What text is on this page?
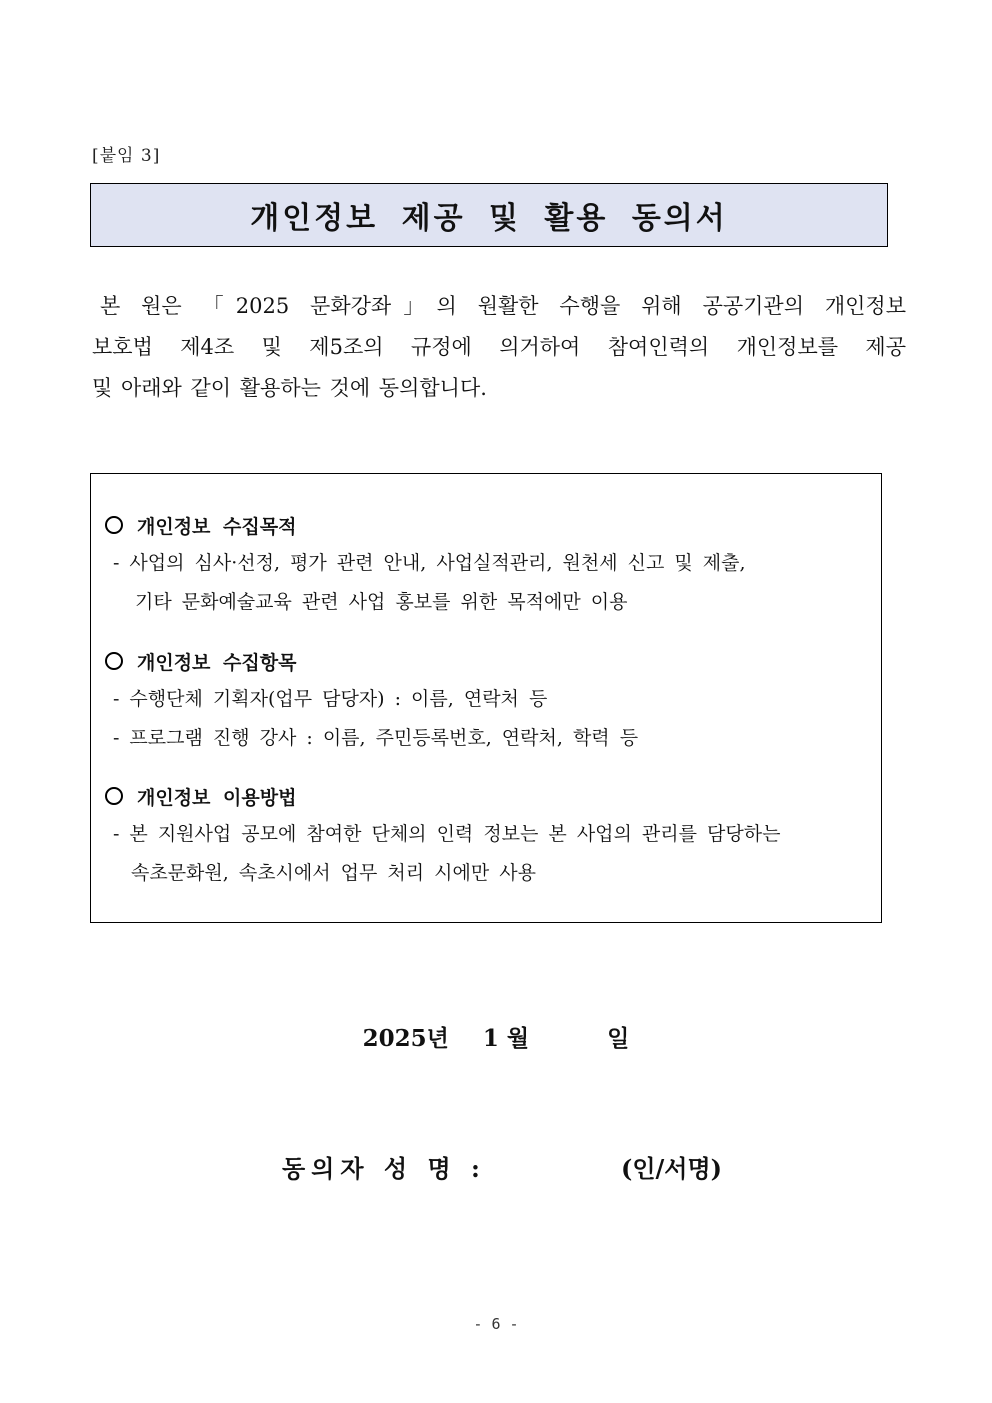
[붙임 3]
개인정보 제공 및 활용 동의서
본 원은 「2025 문화강좌」의 원활한 수행을 위해 공공기관의 개인정보
보호법 제4조 및 제5조의 규정에 의거하여 참여인력의 개인정보를 제공
및 아래와 같이 활용하는 것에 동의합니다.
개인정보 수집목적
- 사업의 심사·선정, 평가 관련 안내, 사업실적관리, 원천세 신고 및 제출,
기타 문화예술교육 관련 사업 홍보를 위한 목적에만 이용
개인정보 수집항목
- 수행단체 기획자(업무 담당자) : 이름, 연락처 등
- 프로그램 진행 강사 : 이름, 주민등록번호, 연락처, 학력 등
개인정보 이용방법
- 본 지원사업 공모에 참여한 단체의 인력 정보는 본 사업의 관리를 담당하는
속초문화원, 속초시에서 업무 처리 시에만 사용
2025년 1 월	일
동의자 성 명 :	(인/서명)
- 6 -
